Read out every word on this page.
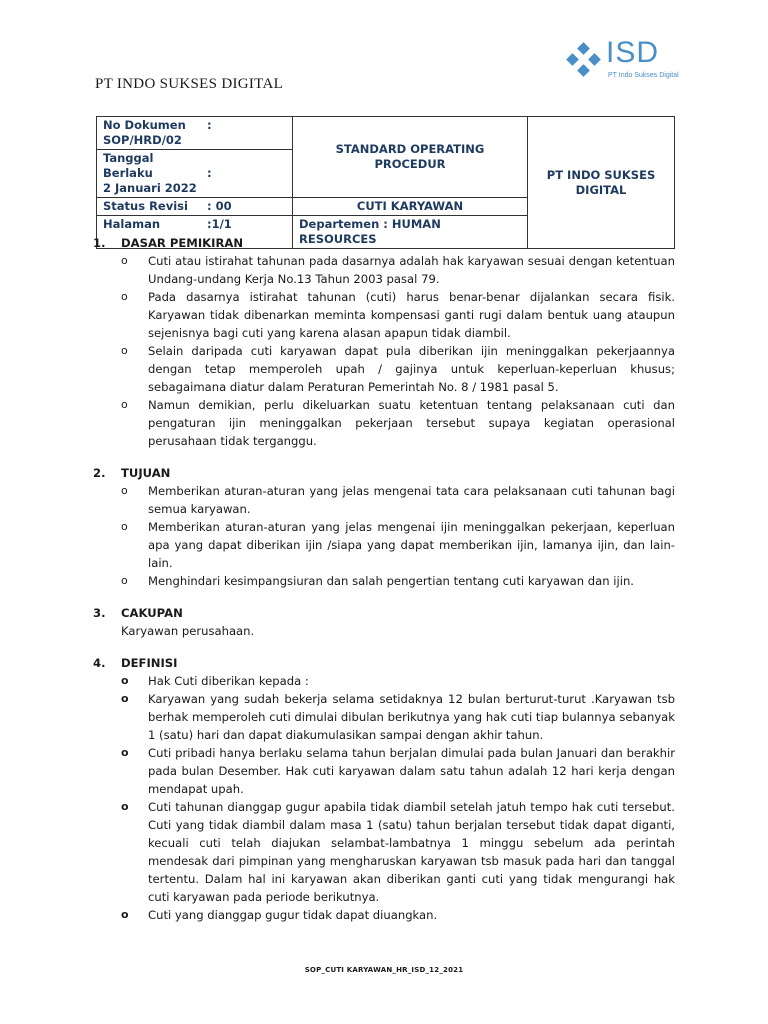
PT INDO SUKSES DIGITAL
ISD
PT Indo Sukses Digital
No Dokumen :
SOP/HRD/02	STANDARD OPERATING PROCEDUR	PT INDO SUKSES DIGITAL
Tanggal Berlaku :
2 Januari 2022		
Status Revisi : 00	CUTI KARYAWAN	
Halaman :1/1	Departemen : HUMAN RESOURCES	
1.	DASAR PEMIKIRAN
o	Cuti atau istirahat tahunan pada dasarnya adalah hak karyawan sesuai dengan ketentuan Undang-undang Kerja No.13 Tahun 2003 pasal 79.
o	Pada dasarnya istirahat tahunan (cuti) harus benar-benar dijalankan secara fisik. Karyawan tidak dibenarkan meminta kompensasi ganti rugi dalam bentuk uang ataupun sejenisnya bagi cuti yang karena alasan apapun tidak diambil.
o	Selain daripada cuti karyawan dapat pula diberikan ijin meninggalkan pekerjaannya dengan tetap memperoleh upah / gajinya untuk keperluan-keperluan khusus; sebagaimana diatur dalam Peraturan Pemerintah No. 8 / 1981 pasal 5.
o	Namun demikian, perlu dikeluarkan suatu ketentuan tentang pelaksanaan cuti dan pengaturan ijin meninggalkan pekerjaan tersebut supaya kegiatan operasional perusahaan tidak terganggu.
2.	TUJUAN
o	Memberikan aturan-aturan yang jelas mengenai tata cara pelaksanaan cuti tahunan bagi semua karyawan.
o	Memberikan aturan-aturan yang jelas mengenai ijin meninggalkan pekerjaan, keperluan apa yang dapat diberikan ijin /siapa yang dapat memberikan ijin, lamanya ijin, dan lain-lain.
o	Menghindari kesimpangsiuran dan salah pengertian tentang cuti karyawan dan ijin.
3.	CAKUPAN
Karyawan perusahaan.
4.	DEFINISI
o	Hak Cuti diberikan kepada :
o	Karyawan yang sudah bekerja selama setidaknya 12 bulan berturut-turut .Karyawan tsb berhak memperoleh cuti dimulai dibulan berikutnya yang hak cuti tiap bulannya sebanyak 1 (satu) hari dan dapat diakumulasikan sampai dengan akhir tahun.
o	Cuti pribadi hanya berlaku selama tahun berjalan dimulai pada bulan Januari dan berakhir pada bulan Desember. Hak cuti karyawan dalam satu tahun adalah 12 hari kerja dengan mendapat upah.
o	Cuti tahunan dianggap gugur apabila tidak diambil setelah jatuh tempo hak cuti tersebut. Cuti yang tidak diambil dalam masa 1 (satu) tahun berjalan tersebut tidak dapat diganti, kecuali cuti telah diajukan selambat-lambatnya 1 minggu sebelum ada perintah mendesak dari pimpinan yang mengharuskan karyawan tsb masuk pada hari dan tanggal tertentu. Dalam hal ini karyawan akan diberikan ganti cuti yang tidak mengurangi hak cuti karyawan pada periode berikutnya.
o	Cuti yang dianggap gugur tidak dapat diuangkan.
SOP_CUTI KARYAWAN_HR_ISD_12_2021
